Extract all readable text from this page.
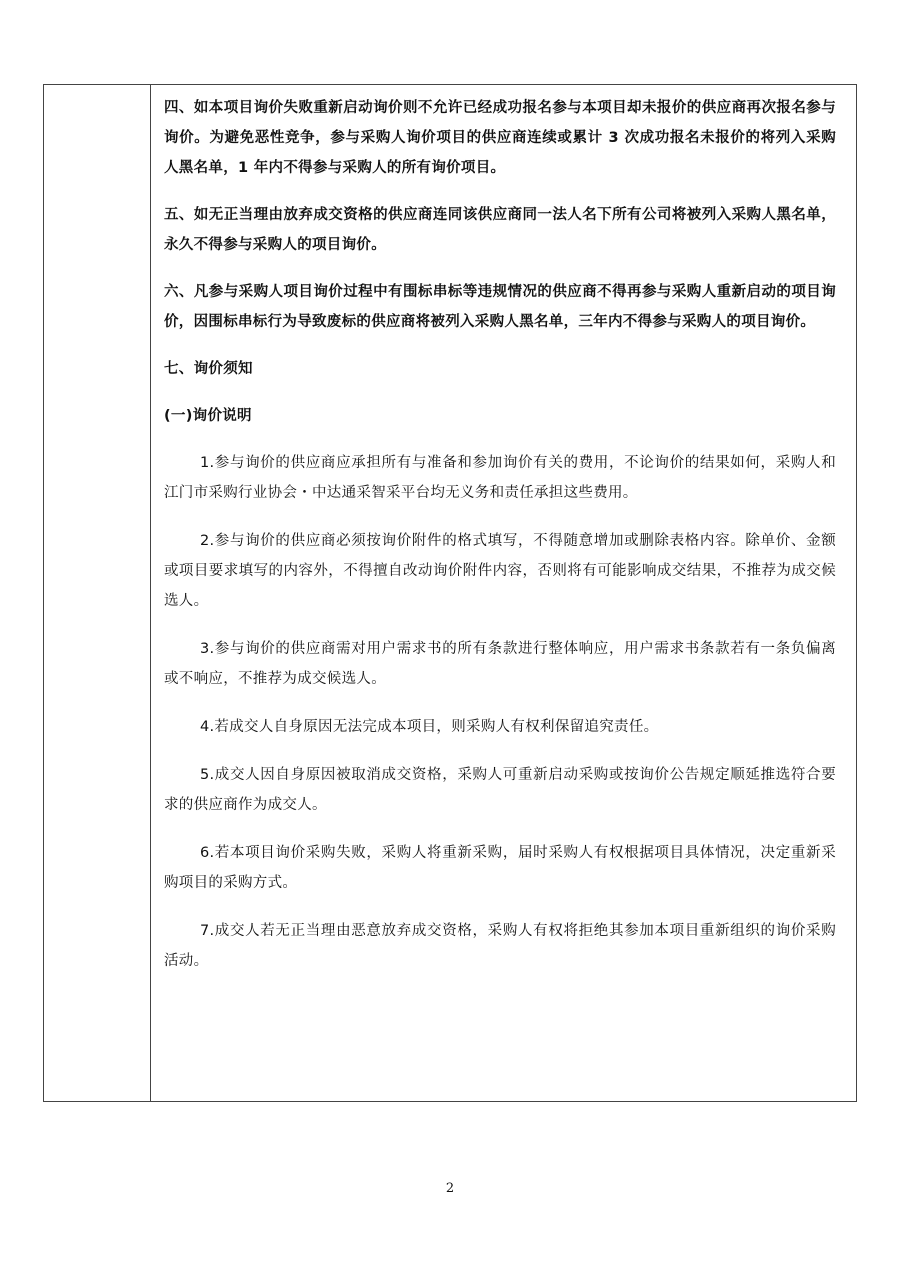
四、如本项目询价失败重新启动询价则不允许已经成功报名参与本项目却未报价的供应商再次报名参与询价。为避免恶性竞争，参与采购人询价项目的供应商连续或累计 3 次成功报名未报价的将列入采购人黑名单，1 年内不得参与采购人的所有询价项目。

五、如无正当理由放弃成交资格的供应商连同该供应商同一法人名下所有公司将被列入采购人黑名单，永久不得参与采购人的项目询价。

六、凡参与采购人项目询价过程中有围标串标等违规情况的供应商不得再参与采购人重新启动的项目询价，因围标串标行为导致废标的供应商将被列入采购人黑名单，三年内不得参与采购人的项目询价。

七、询价须知

(一)询价说明

1.参与询价的供应商应承担所有与准备和参加询价有关的费用，不论询价的结果如何，采购人和江门市采购行业协会・中达通采智采平台均无义务和责任承担这些费用。

2.参与询价的供应商必须按询价附件的格式填写，不得随意增加或删除表格内容。除单价、金额或项目要求填写的内容外，不得擅自改动询价附件内容，否则将有可能影响成交结果，不推荐为成交候选人。

3.参与询价的供应商需对用户需求书的所有条款进行整体响应，用户需求书条款若有一条负偏离或不响应，不推荐为成交候选人。

4.若成交人自身原因无法完成本项目，则采购人有权利保留追究责任。

5.成交人因自身原因被取消成交资格，采购人可重新启动采购或按询价公告规定顺延推选符合要求的供应商作为成交人。

6.若本项目询价采购失败，采购人将重新采购，届时采购人有权根据项目具体情况，决定重新采购项目的采购方式。

7.成交人若无正当理由恶意放弃成交资格，采购人有权将拒绝其参加本项目重新组织的询价采购活动。

2
